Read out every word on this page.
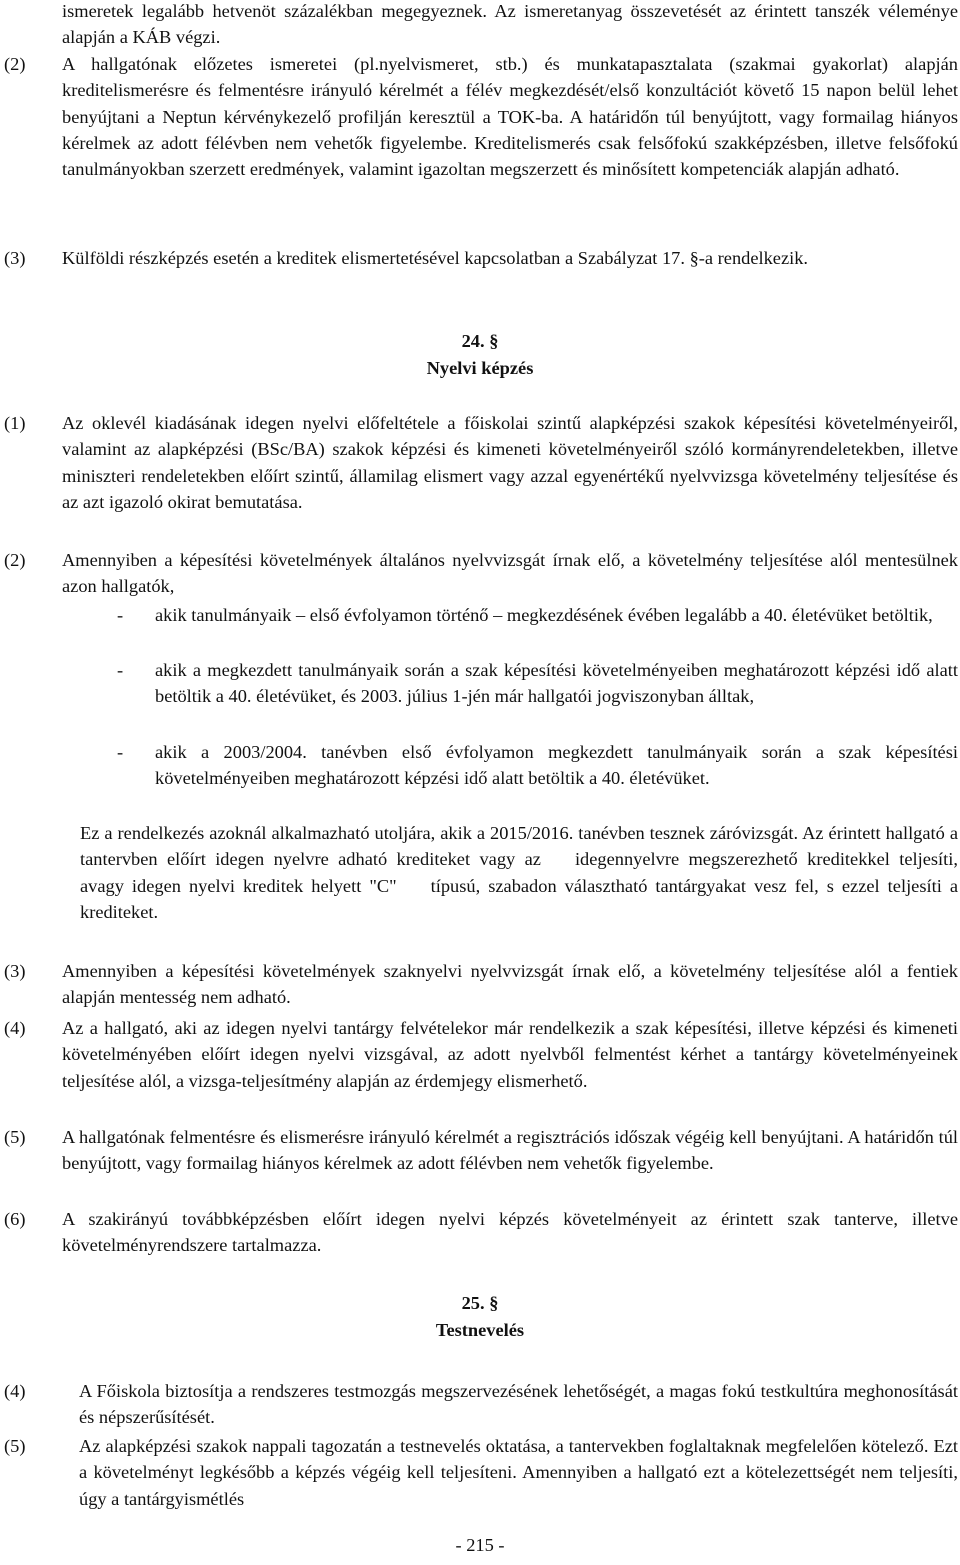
ismeretek legalább hetvenöt százalékban megegyeznek. Az ismeretanyag összevetését az érintett tanszék véleménye alapján a KÁB végzi.
(2) A hallgatónak előzetes ismeretei (pl.nyelvismeret, stb.) és munkatapasztalata (szakmai gyakorlat) alapján kreditelismerésre és felmentésre irányuló kérelmét a félév megkezdését/első konzultációt követő 15 napon belül lehet benyújtani a Neptun kérvénykezelő profilján keresztül a TOK-ba. A határidőn túl benyújtott, vagy formailag hiányos kérelmek az adott félévben nem vehetők figyelembe. Kreditelismerés csak felsőfokú szakképzésben, illetve felsőfokú tanulmányokban szerzett eredmények, valamint igazoltan megszerzett és minősített kompetenciák alapján adható.
(3) Külföldi részképzés esetén a kreditek elismertetésével kapcsolatban a Szabályzat 17. §-a rendelkezik.
24. §
Nyelvi képzés
(1) Az oklevél kiadásának idegen nyelvi előfeltétele a főiskolai szintű alapképzési szakok képesítési követelményeiről, valamint az alapképzési (BSc/BA) szakok képzési és kimeneti követelményeiről szóló kormányrendeletekben, illetve miniszteri rendeletekben előírt szintű, államilag elismert vagy azzal egyenértékű nyelvvizsga követelmény teljesítése és az azt igazoló okirat bemutatása.
(2) Amennyiben a képesítési követelmények általános nyelvvizsgát írnak elő, a követelmény teljesítése alól mentesülnek azon hallgatók,
- akik tanulmányaik – első évfolyamon történő – megkezdésének évében legalább a 40. életévüket betöltik,
- akik a megkezdett tanulmányaik során a szak képesítési követelményeiben meghatározott képzési idő alatt betöltik a 40. életévüket, és 2003. július 1-jén már hallgatói jogviszonyban álltak,
- akik a 2003/2004. tanévben első évfolyamon megkezdett tanulmányaik során a szak képesítési követelményeiben meghatározott képzési idő alatt betöltik a 40. életévüket.
Ez a rendelkezés azoknál alkalmazható utoljára, akik a 2015/2016. tanévben tesznek záróvizsgát. Az érintett hallgató a tantervben előírt idegen nyelvre adható krediteket vagy az idegennyelvre megszerezhető kreditekkel teljesíti, avagy idegen nyelvi kreditek helyett "C" típusú, szabadon választható tantárgyakat vesz fel, s ezzel teljesíti a krediteket.
(3) Amennyiben a képesítési követelmények szaknyelvi nyelvvizsgát írnak elő, a követelmény teljesítése alól a fentiek alapján mentesség nem adható.
(4) Az a hallgató, aki az idegen nyelvi tantárgy felvételekor már rendelkezik a szak képesítési, illetve képzési és kimeneti követelményében előírt idegen nyelvi vizsgával, az adott nyelvből felmentést kérhet a tantárgy követelményeinek teljesítése alól, a vizsga-teljesítmény alapján az érdemjegy elismerhető.
(5) A hallgatónak felmentésre és elismerésre irányuló kérelmét a regisztrációs időszak végéig kell benyújtani. A határidőn túl benyújtott, vagy formailag hiányos kérelmek az adott félévben nem vehetők figyelembe.
(6) A szakirányú továbbképzésben előírt idegen nyelvi képzés követelményeit az érintett szak tanterve, illetve követelményrendszere tartalmazza.
25. §
Testnevelés
(4)	A Főiskola biztosítja a rendszeres testmozgás megszervezésének lehetőségét, a magas fokú testkultúra meghonosítását és népszerűsítését.
(5)	Az alapképzési szakok nappali tagozatán a testnevelés oktatása, a tantervekben foglaltaknak megfelelően kötelező. Ezt a követelményt legkésőbb a képzés végéig kell teljesíteni. Amennyiben a hallgató ezt a kötelezettségét nem teljesíti, úgy a tantárgyismétlés
- 215 -
